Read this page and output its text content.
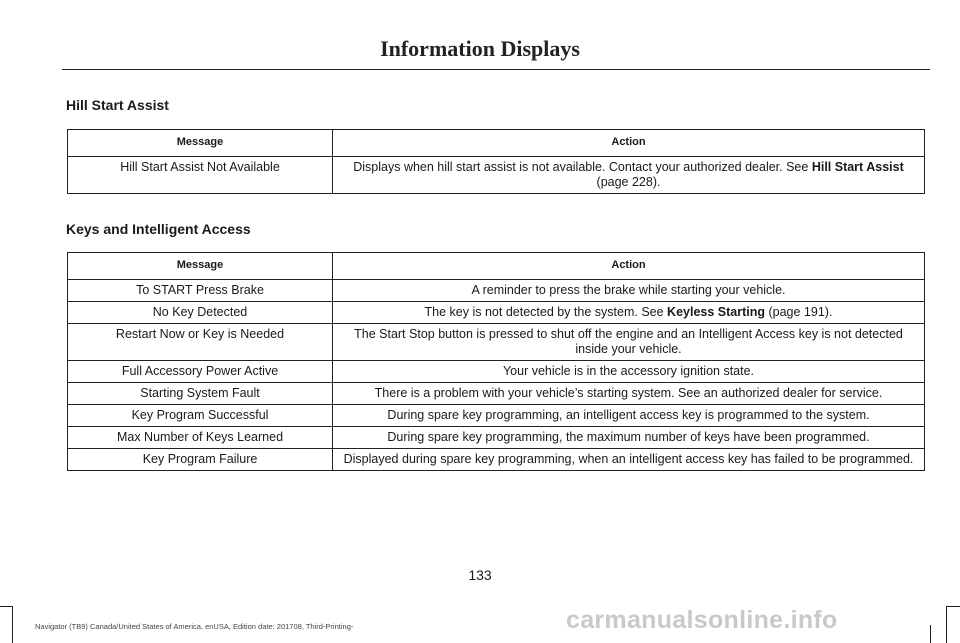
Information Displays
Hill Start Assist
Message	Action
Hill Start Assist Not Available	Displays when hill start assist is not available. Contact your authorized dealer. See Hill Start Assist (page 228).
Keys and Intelligent Access
Message	Action
To START Press Brake	A reminder to press the brake while starting your vehicle.
No Key Detected	The key is not detected by the system. See Keyless Starting (page 191).
Restart Now or Key is Needed	The Start Stop button is pressed to shut off the engine and an Intelligent Access key is not detected inside your vehicle.
Full Accessory Power Active	Your vehicle is in the accessory ignition state.
Starting System Fault	There is a problem with your vehicle’s starting system. See an authorized dealer for service.
Key Program Successful	During spare key programming, an intelligent access key is programmed to the system.
Max Number of Keys Learned	During spare key programming, the maximum number of keys have been programmed.
Key Program Failure	Displayed during spare key programming, when an intelligent access key has failed to be programmed.
133
carmanualsonline.info
Navigator (TB9) Canada/United States of America, enUSA, Edition date: 201708, Third-Printing-
